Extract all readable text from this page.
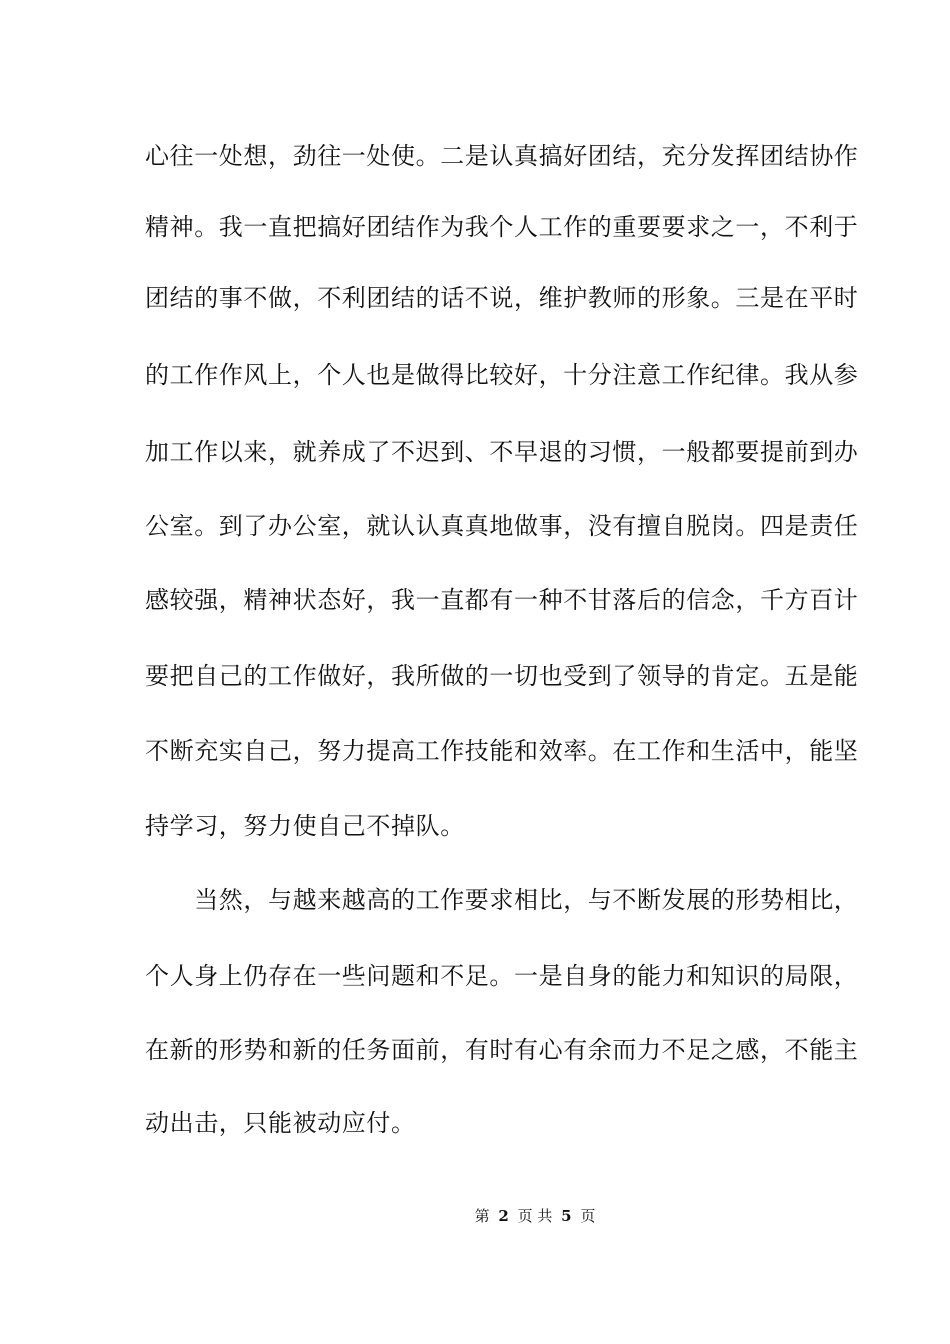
心往一处想，劲往一处使。二是认真搞好团结，充分发挥团结协作
精神。我一直把搞好团结作为我个人工作的重要要求之一，不利于
团结的事不做，不利团结的话不说，维护教师的形象。三是在平时
的工作作风上，个人也是做得比较好，十分注意工作纪律。我从参
加工作以来，就养成了不迟到、不早退的习惯，一般都要提前到办
公室。到了办公室，就认认真真地做事，没有擅自脱岗。四是责任
感较强，精神状态好，我一直都有一种不甘落后的信念，千方百计
要把自己的工作做好，我所做的一切也受到了领导的肯定。五是能
不断充实自己，努力提高工作技能和效率。在工作和生活中，能坚
持学习，努力使自己不掉队。
　　当然，与越来越高的工作要求相比，与不断发展的形势相比，
个人身上仍存在一些问题和不足。一是自身的能力和知识的局限，
在新的形势和新的任务面前，有时有心有余而力不足之感，不能主
动出击，只能被动应付。
第 2 页 共 5 页
